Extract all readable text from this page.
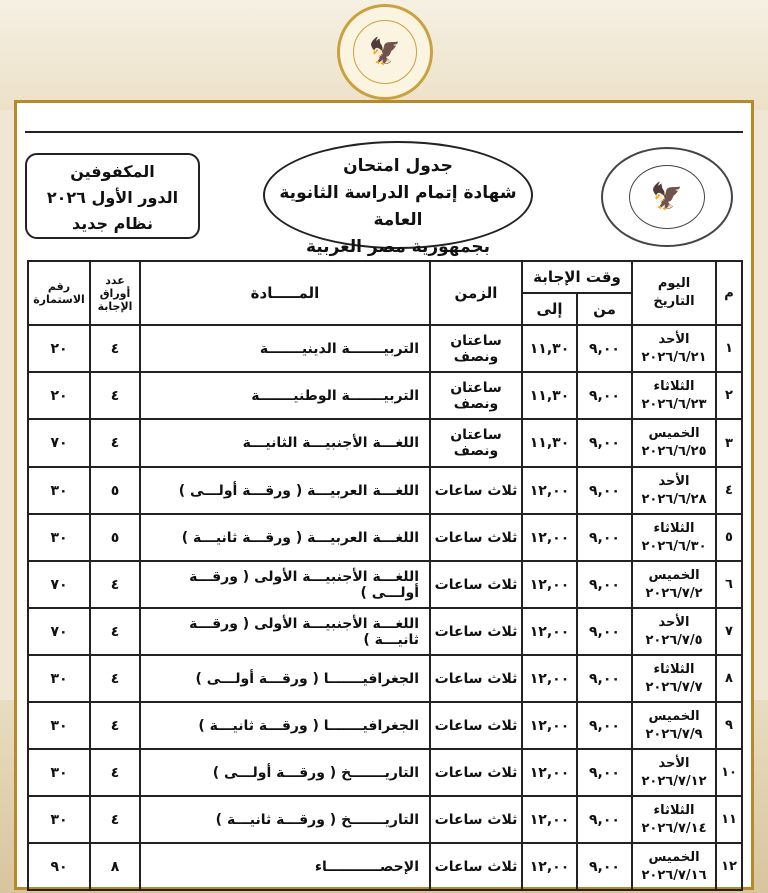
🦅
المكفوفين
الدور الأول ٢٠٢٦
نظام جديد
جدول امتحان
شهادة إتمام الدراسة الثانوية العامة
بجمهورية مصر العربية
🦅
م	اليوم
التاريخ	وقت الإجابة		الزمن	المـــــادة	عدد أوراق الإجابة	رقم الاستمارة
		من	إلى				
١	الأحد
٢٠٢٦/٦/٢١	٩,٠٠	١١,٣٠	ساعتان ونصف	التربيـــــــة الدينيـــــــة	٤	٢٠
٢	الثلاثاء
٢٠٢٦/٦/٢٣	٩,٠٠	١١,٣٠	ساعتان ونصف	التربيـــــــة الوطنيـــــــة	٤	٢٠
٣	الخميس
٢٠٢٦/٦/٢٥	٩,٠٠	١١,٣٠	ساعتان ونصف	اللغـــة الأجنبيـــة الثانيـــة	٤	٧٠
٤	الأحد
٢٠٢٦/٦/٢٨	٩,٠٠	١٢,٠٠	ثلاث ساعات	اللغـــة العربيـــة ( ورقـــة أولـــى )	٥	٣٠
٥	الثلاثاء
٢٠٢٦/٦/٣٠	٩,٠٠	١٢,٠٠	ثلاث ساعات	اللغـــة العربيـــة ( ورقـــة ثانيـــة )	٥	٣٠
٦	الخميس
٢٠٢٦/٧/٢	٩,٠٠	١٢,٠٠	ثلاث ساعات	اللغـــة الأجنبيـــة الأولى ( ورقـــة أولـــى )	٤	٧٠
٧	الأحد
٢٠٢٦/٧/٥	٩,٠٠	١٢,٠٠	ثلاث ساعات	اللغـــة الأجنبيـــة الأولى ( ورقـــة ثانيـــة )	٤	٧٠
٨	الثلاثاء
٢٠٢٦/٧/٧	٩,٠٠	١٢,٠٠	ثلاث ساعات	الجغرافيـــــــا ( ورقـــة أولـــى )	٤	٣٠
٩	الخميس
٢٠٢٦/٧/٩	٩,٠٠	١٢,٠٠	ثلاث ساعات	الجغرافيـــــــا ( ورقـــة ثانيـــة )	٤	٣٠
١٠	الأحد
٢٠٢٦/٧/١٢	٩,٠٠	١٢,٠٠	ثلاث ساعات	التاريـــــــخ ( ورقـــة أولـــى )	٤	٣٠
١١	الثلاثاء
٢٠٢٦/٧/١٤	٩,٠٠	١٢,٠٠	ثلاث ساعات	التاريـــــــخ ( ورقـــة ثانيـــة )	٤	٣٠
١٢	الخميس
٢٠٢٦/٧/١٦	٩,٠٠	١٢,٠٠	ثلاث ساعات	الإحصـــــــــــاء	٨	٩٠
